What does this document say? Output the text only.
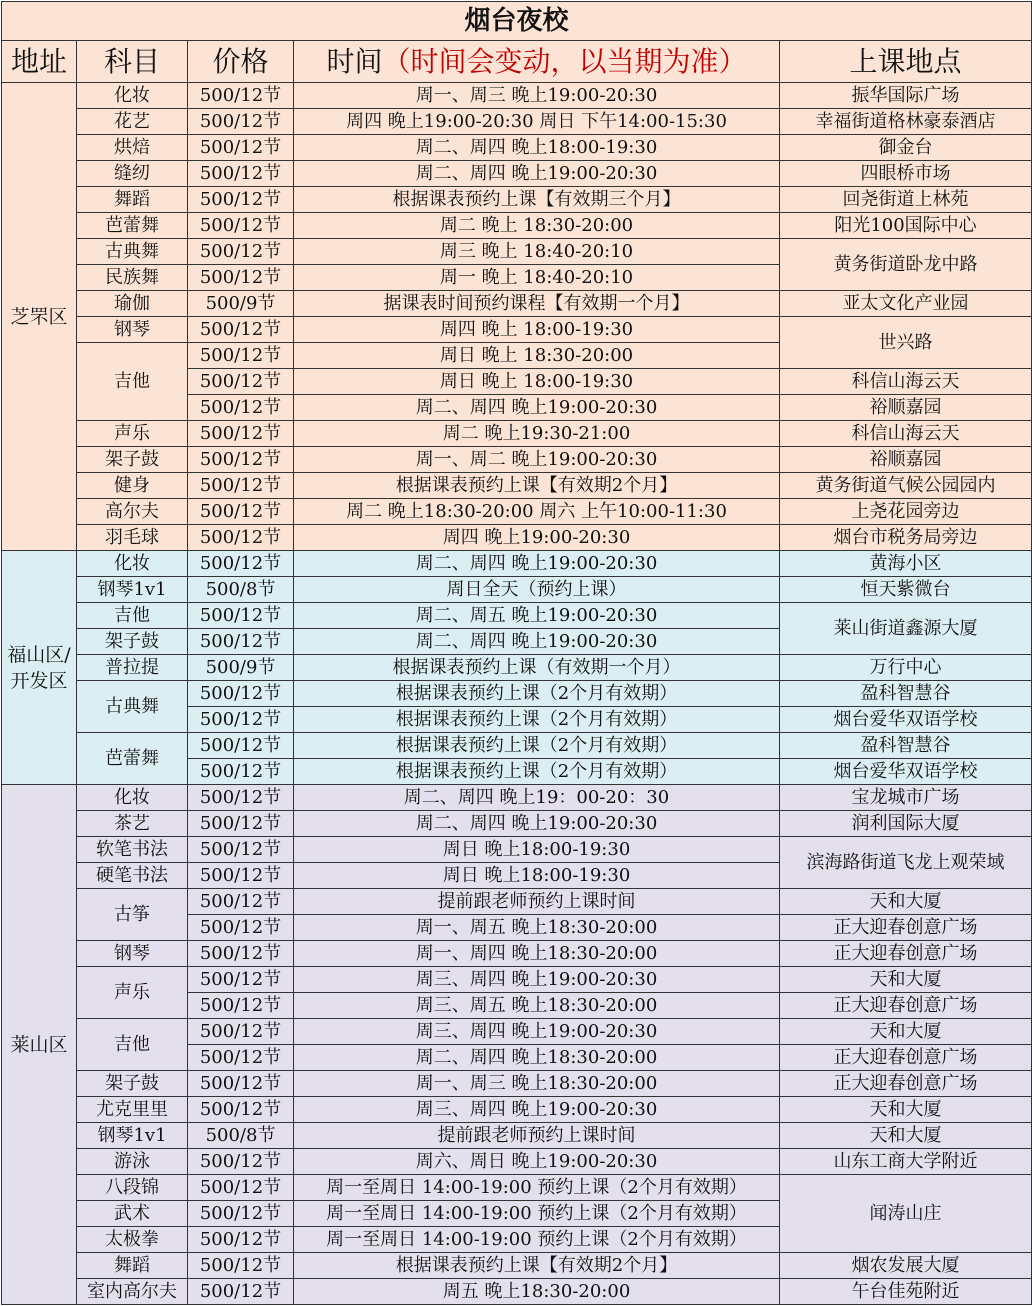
烟台夜校				
地址	科目	价格	时间（时间会变动，以当期为准）	上课地点
芝罘区	化妆	500/12节	周一、周三 晚上19:00-20:30	振华国际广场
	花艺	500/12节	周四 晚上19:00-20:30 周日 下午14:00-15:30	幸福街道格林豪泰酒店
	烘焙	500/12节	周二、周四 晚上18:00-19:30	御金台
	缝纫	500/12节	周二、周四 晚上19:00-20:30	四眼桥市场
	舞蹈	500/12节	根据课表预约上课【有效期三个月】	回尧街道上林苑
	芭蕾舞	500/12节	周二 晚上 18:30-20:00	阳光100国际中心
	古典舞	500/12节	周三 晚上 18:40-20:10	黄务街道卧龙中路
	民族舞	500/12节	周一 晚上 18:40-20:10	
	瑜伽	500/9节	据课表时间预约课程【有效期一个月】	亚太文化产业园
	钢琴	500/12节	周四 晚上 18:00-19:30	世兴路
	吉他	500/12节	周日 晚上 18:30-20:00	
		500/12节	周日 晚上 18:00-19:30	科信山海云天
		500/12节	周二、周四 晚上19:00-20:30	裕顺嘉园
	声乐	500/12节	周二 晚上19:30-21:00	科信山海云天
	架子鼓	500/12节	周一、周二 晚上19:00-20:30	裕顺嘉园
	健身	500/12节	根据课表预约上课【有效期2个月】	黄务街道气候公园园内
	高尔夫	500/12节	周二 晚上18:30-20:00 周六 上午10:00-11:30	上尧花园旁边
	羽毛球	500/12节	周四 晚上19:00-20:30	烟台市税务局旁边
福山区/开发区	化妆	500/12节	周二、周四 晚上19:00-20:30	黄海小区
	钢琴1v1	500/8节	周日全天（预约上课）	恒天紫微台
	吉他	500/12节	周二、周五 晚上19:00-20:30	莱山街道鑫源大厦
	架子鼓	500/12节	周二、周四 晚上19:00-20:30	
	普拉提	500/9节	根据课表预约上课（有效期一个月）	万行中心
	古典舞	500/12节	根据课表预约上课（2个月有效期）	盈科智慧谷
		500/12节	根据课表预约上课（2个月有效期）	烟台爱华双语学校
	芭蕾舞	500/12节	根据课表预约上课（2个月有效期）	盈科智慧谷
		500/12节	根据课表预约上课（2个月有效期）	烟台爱华双语学校
莱山区	化妆	500/12节	周二、周四 晚上19：00-20：30	宝龙城市广场
	茶艺	500/12节	周二、周四 晚上19:00-20:30	润利国际大厦
	软笔书法	500/12节	周日 晚上18:00-19:30	滨海路街道飞龙上观荣域
	硬笔书法	500/12节	周日 晚上18:00-19:30	
	古筝	500/12节	提前跟老师预约上课时间	天和大厦
		500/12节	周一、周五 晚上18:30-20:00	正大迎春创意广场
	钢琴	500/12节	周一、周四 晚上18:30-20:00	正大迎春创意广场
	声乐	500/12节	周三、周四 晚上19:00-20:30	天和大厦
		500/12节	周三、周五 晚上18:30-20:00	正大迎春创意广场
	吉他	500/12节	周三、周四 晚上19:00-20:30	天和大厦
		500/12节	周二、周四 晚上18:30-20:00	正大迎春创意广场
	架子鼓	500/12节	周一、周三 晚上18:30-20:00	正大迎春创意广场
	尤克里里	500/12节	周三、周四 晚上19:00-20:30	天和大厦
	钢琴1v1	500/8节	提前跟老师预约上课时间	天和大厦
	游泳	500/12节	周六、周日 晚上19:00-20:30	山东工商大学附近
	八段锦	500/12节	周一至周日 14:00-19:00 预约上课（2个月有效期）	闻涛山庄
	武术	500/12节	周一至周日 14:00-19:00 预约上课（2个月有效期）	
	太极拳	500/12节	周一至周日 14:00-19:00 预约上课（2个月有效期）	
	舞蹈	500/12节	根据课表预约上课【有效期2个月】	烟农发展大厦
	室内高尔夫	500/12节	周五 晚上18:30-20:00	午台佳苑附近
